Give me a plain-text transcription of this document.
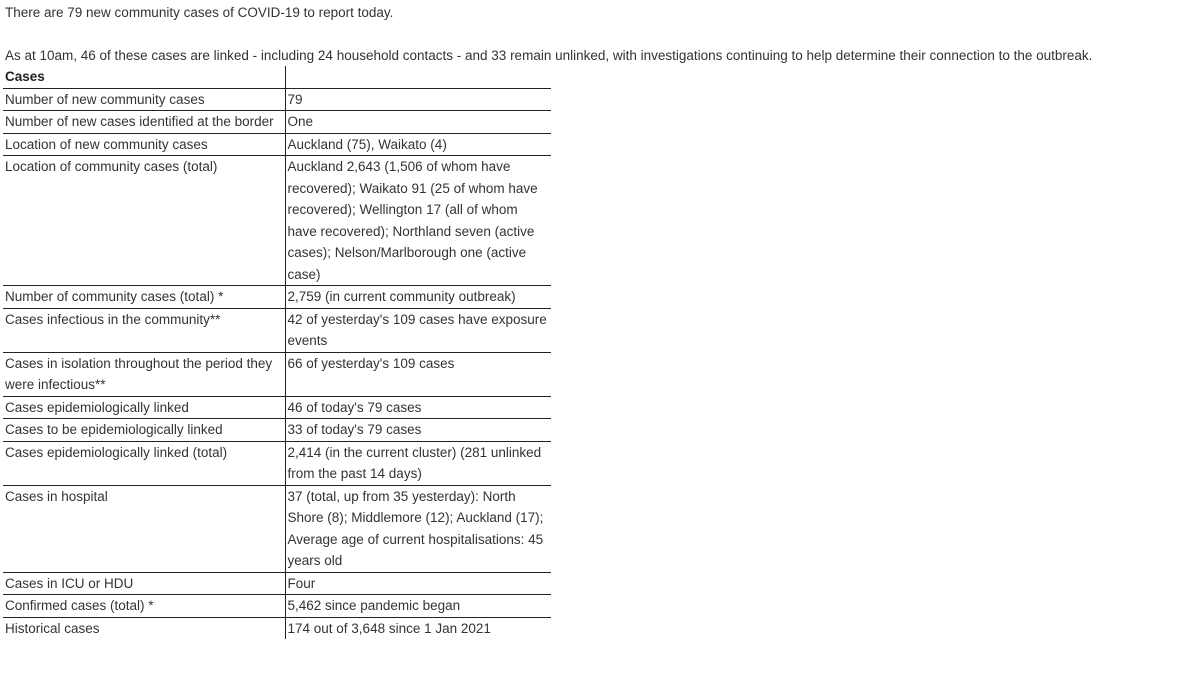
There are 79 new community cases of COVID-19 to report today.

As at 10am, 46 of these cases are linked - including 24 household contacts - and 33 remain unlinked, with investigations continuing to help determine their connection to the outbreak.

Cases	
Number of new community cases	79
Number of new cases identified at the border	One
Location of new community cases	Auckland (75), Waikato (4)
Location of community cases (total)	Auckland 2,643 (1,506 of whom have recovered); Waikato 91 (25 of whom have recovered); Wellington 17 (all of whom have recovered); Northland seven (active cases); Nelson/Marlborough one (active case)
Number of community cases (total) *	2,759 (in current community outbreak)
Cases infectious in the community**	42 of yesterday's 109 cases have exposure events
Cases in isolation throughout the period they were infectious**	66 of yesterday's 109 cases
Cases epidemiologically linked	46 of today's 79 cases
Cases to be epidemiologically linked	33 of today's 79 cases
Cases epidemiologically linked (total)	2,414 (in the current cluster) (281 unlinked from the past 14 days)
Cases in hospital	37 (total, up from 35 yesterday): North Shore (8); Middlemore (12); Auckland (17);
Average age of current hospitalisations: 45 years old
Cases in ICU or HDU	Four
Confirmed cases (total) *	5,462 since pandemic began
Historical cases	174 out of 3,648 since 1 Jan 2021
